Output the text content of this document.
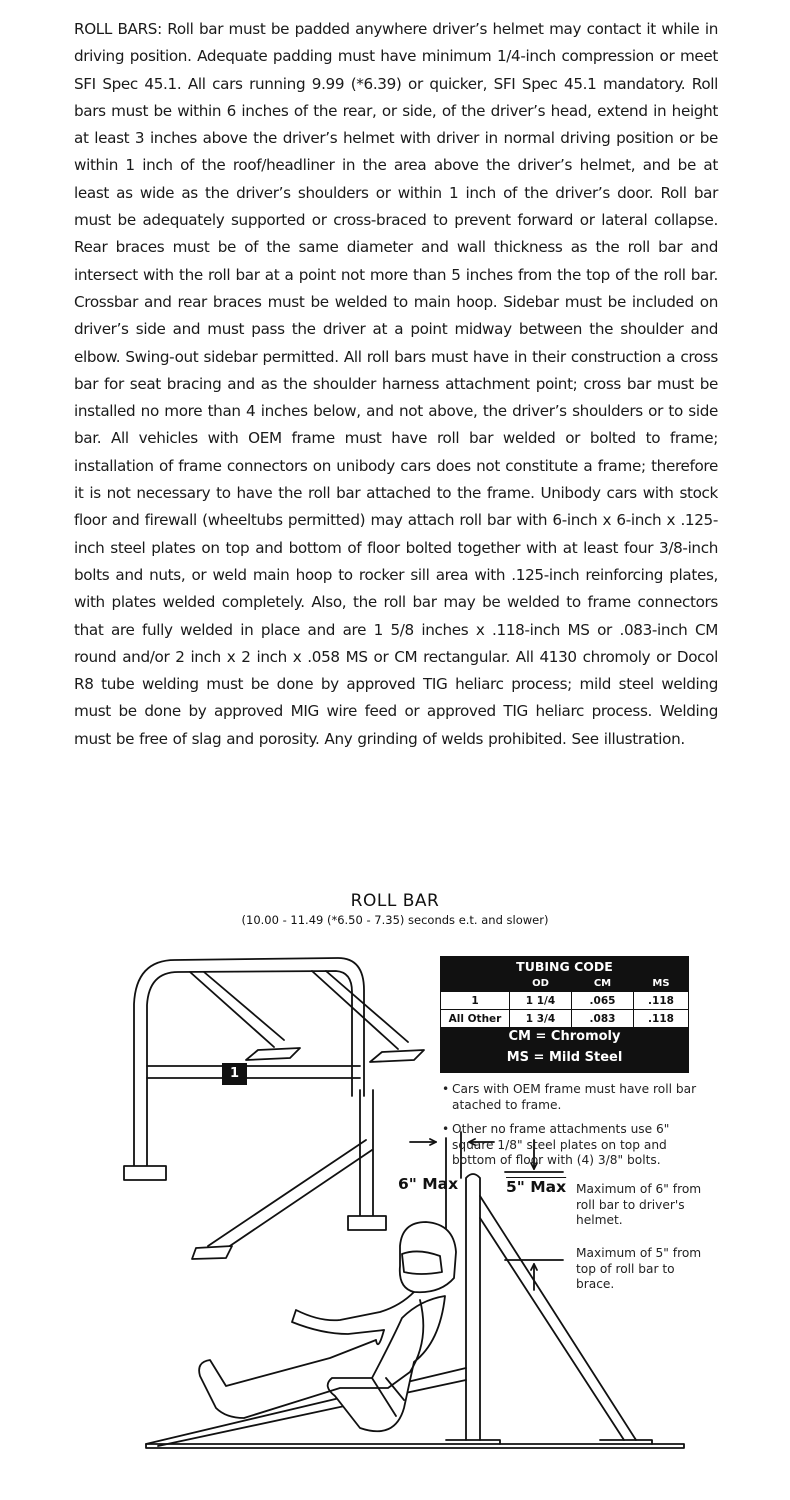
ROLL BARS: Roll bar must be padded anywhere driver’s helmet may contact it while in driving position. Adequate padding must have minimum 1/4-inch compression or meet SFI Spec 45.1. All cars running 9.99 (*6.39) or quicker, SFI Spec 45.1 mandatory. Roll bars must be within 6 inches of the rear, or side, of the driver’s head, extend in height at least 3 inches above the driver’s helmet with driver in normal driving position or be within 1 inch of the roof/headliner in the area above the driver’s helmet, and be at least as wide as the driver’s shoulders or within 1 inch of the driver’s door. Roll bar must be adequately supported or cross-braced to prevent forward or lateral collapse. Rear braces must be of the same diameter and wall thickness as the roll bar and intersect with the roll bar at a point not more than 5 inches from the top of the roll bar. Crossbar and rear braces must be welded to main hoop. Sidebar must be included on driver’s side and must pass the driver at a point midway between the shoulder and elbow. Swing-out sidebar permitted. All roll bars must have in their construction a cross bar for seat bracing and as the shoulder harness attachment point; cross bar must be installed no more than 4 inches below, and not above, the driver’s shoulders or to side bar. All vehicles with OEM frame must have roll bar welded or bolted to frame; installation of frame connectors on unibody cars does not constitute a frame; therefore it is not necessary to have the roll bar attached to the frame. Unibody cars with stock floor and firewall (wheeltubs permitted) may attach roll bar with 6-inch x 6-inch x .125-inch steel plates on top and bottom of floor bolted together with at least four 3/8-inch bolts and nuts, or weld main hoop to rocker sill area with .125-inch reinforcing plates, with plates welded completely. Also, the roll bar may be welded to frame connectors that are fully welded in place and are 1 5/8 inches x .118-inch MS or .083-inch CM round and/or 2 inch x 2 inch x .058 MS or CM rectangular. All 4130 chromoly or Docol R8 tube welding must be done by approved TIG heliarc process; mild steel welding must be done by approved MIG wire feed or approved TIG heliarc process. Welding must be free of slag and porosity. Any grinding of welds prohibited. See illustration.

ROLL BAR
(10.00 - 11.49 (*6.50 - 7.35) seconds e.t. and slower)
1
TUBING CODE
	OD	CM	MS
1	1 1/4	.065	.118
All Other	1 3/4	.083	.118
CM = Chromoly
MS = Mild Steel
• Cars with OEM frame must have roll bar atached to frame.
• Other no frame attachments use 6" square 1/8" steel plates on top and bottom of floor with (4) 3/8" bolts.
6" Max	5" Max Maximum of 6" from roll bar to driver's helmet.
Maximum of 5" from top of roll bar to brace.
